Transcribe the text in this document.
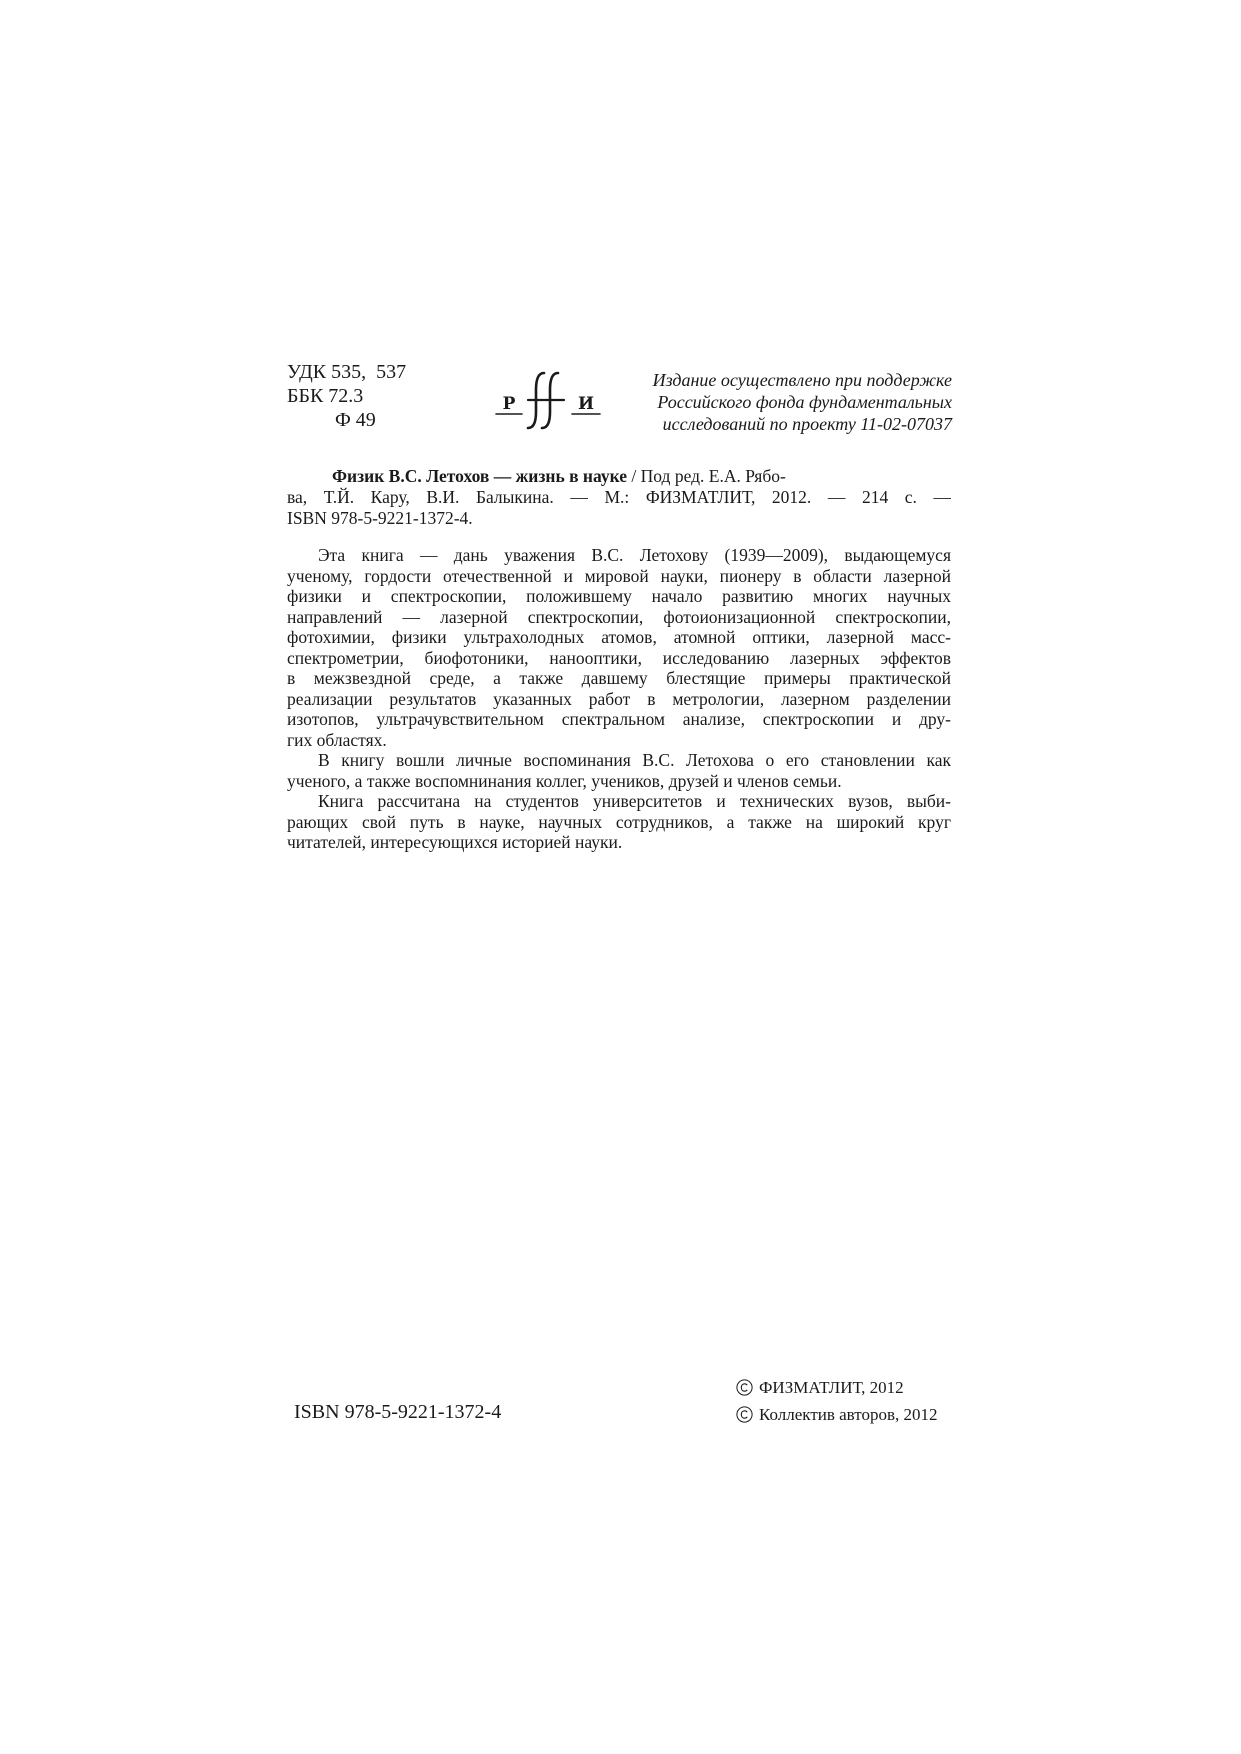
УДК 535,  537
ББК 72.3
Ф 49
Р	И
Издание осуществлено при поддержке
Российского фонда фундаментальных
исследований по проекту 11-02-07037
Физик В.С. Летохов — жизнь в науке / Под ред. Е.А. Рябо-
ва, Т.Й. Кару, В.И. Балыкина. — М.: ФИЗМАТЛИТ, 2012. — 214 с. —
ISBN 978-5-9221-1372-4.
Эта книга — дань уважения В.С. Летохову (1939—2009), выдающемуся
ученому, гордости отечественной и мировой науки, пионеру в области лазерной
физики и спектроскопии, положившему начало развитию многих научных
направлений — лазерной спектроскопии, фотоионизационной спектроскопии,
фотохимии, физики ультрахолодных атомов, атомной оптики, лазерной масс-
спектрометрии, биофотоники, нанооптики, исследованию лазерных эффектов
в межзвездной среде, а также давшему блестящие примеры практической
реализации результатов указанных работ в метрологии, лазерном разделении
изотопов, ультрачувствительном спектральном анализе, спектроскопии и дру-
гих областях.
В книгу вошли личные воспоминания В.С. Летохова о его становлении как
ученого, а также воспомнинания коллег, учеников, друзей и членов семьи.
Книга рассчитана на студентов университетов и технических вузов, выби-
рающих свой путь в науке, научных сотрудников, а также на широкий круг
читателей, интересующихся историей науки.
ISBN 978-5-9221-1372-4
ФИЗМАТЛИТ, 2012
Коллектив авторов, 2012
